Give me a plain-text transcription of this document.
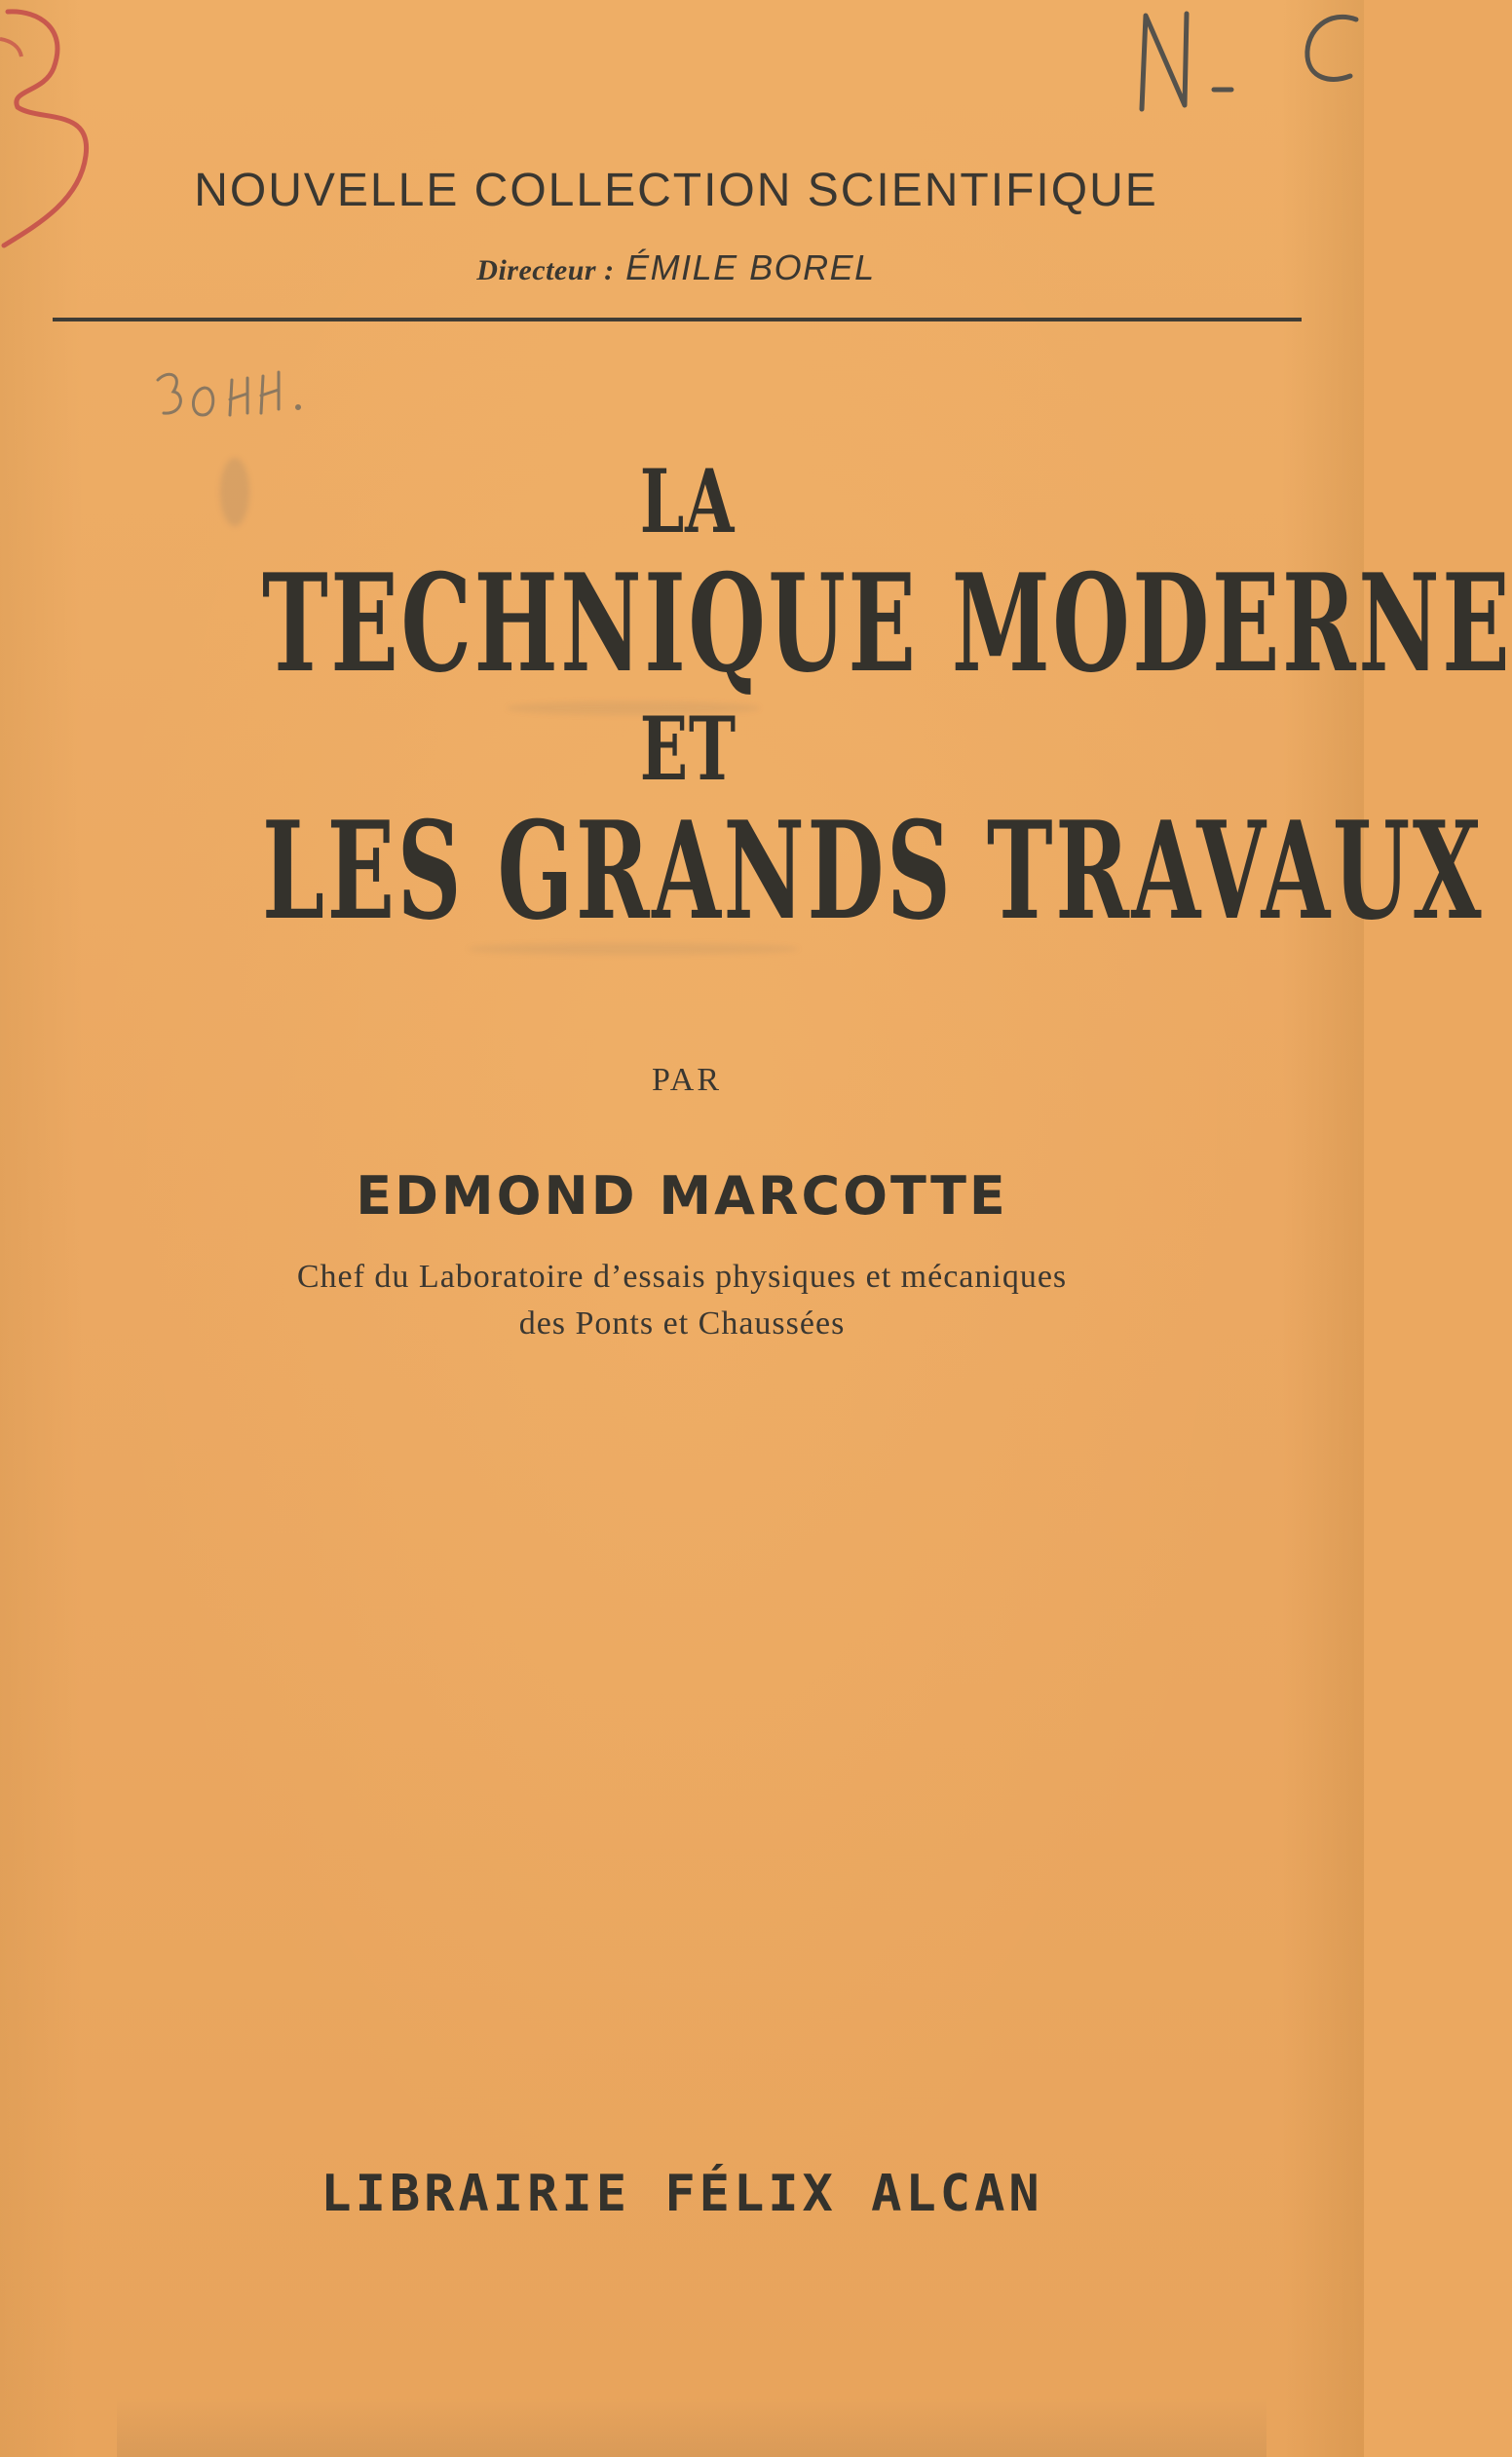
NOUVELLE COLLECTION SCIENTIFIQUE

Directeur : ÉMILE BOREL

LA
TECHNIQUE MODERNE
ET
LES GRANDS TRAVAUX

PAR

EDMOND MARCOTTE

Chef du Laboratoire d’essais physiques et mécaniques

des Ponts et Chaussées

LIBRAIRIE FÉLIX ALCAN
